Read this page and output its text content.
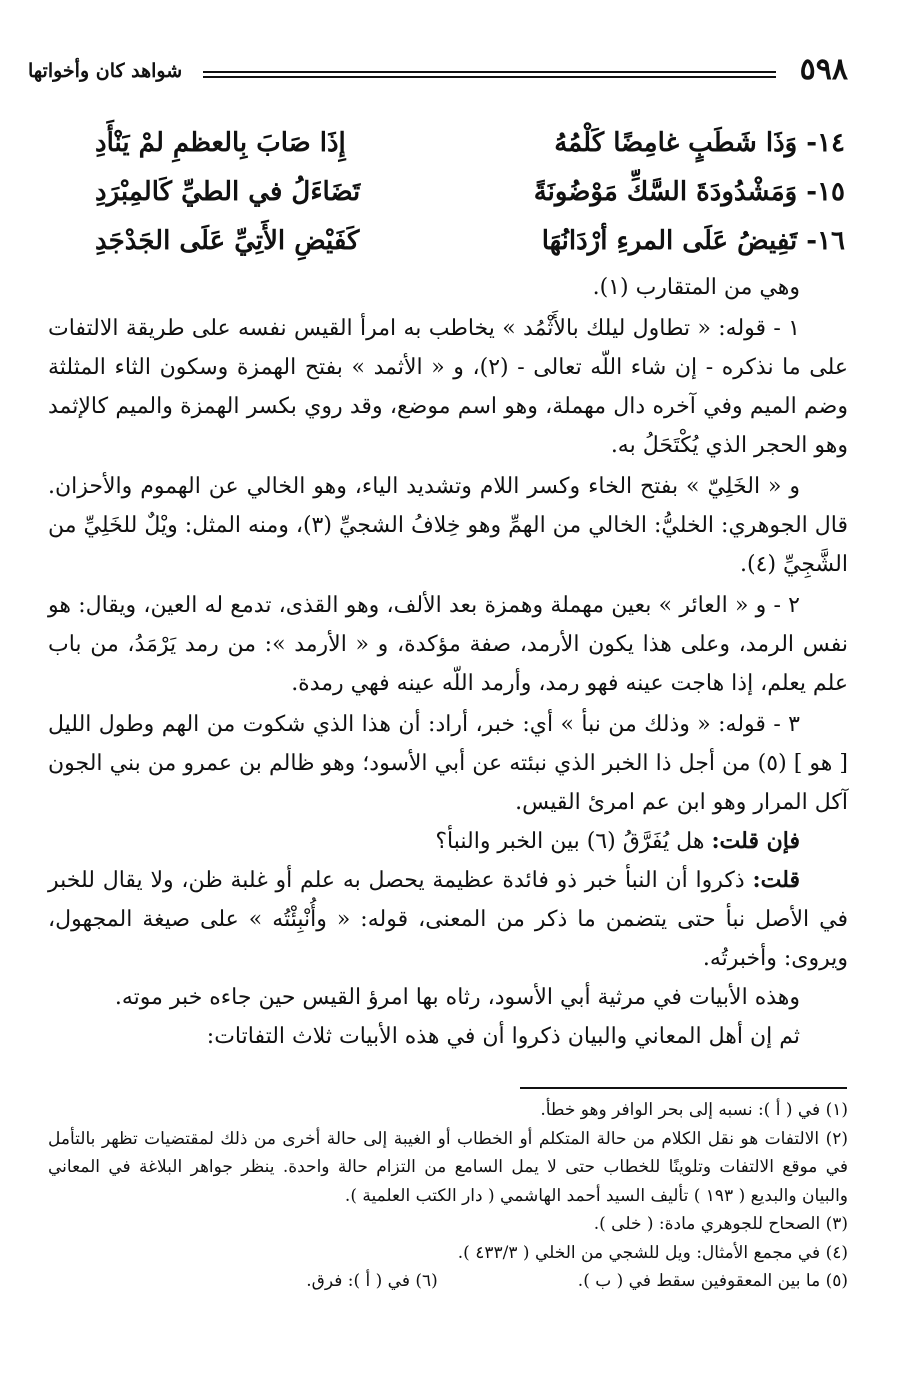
٥٩٨
شواهد كان وأخواتها
١٤- وَذَا شَطَبٍ غامِضًا كَلْمُهُ
إِذَا صَابَ بِالعظمِ لمْ يَنْأَدِ
١٥- وَمَشْدُودَةَ السَّكِّ مَوْضُونَةً
تَضَاءَلُ في الطيِّ كَالمِبْرَدِ
١٦- تَفِيضُ عَلَى المرءِ أرْدَانُهَا
كَفَيْضِ الأَتِيِّ عَلَى الجَدْجَدِ

وهي من المتقارب (١).

١ - قوله: « تطاول ليلك بالأَثْمُد » يخاطب به امرأ القيس نفسه على طريقة الالتفات على ما نذكره - إن شاء اللّه تعالى - (٢)، و « الأثمد » بفتح الهمزة وسكون الثاء المثلثة وضم الميم وفي آخره دال مهملة، وهو اسم موضع، وقد روي بكسر الهمزة والميم كالإثمد وهو الحجر الذي يُكْتَحَلُ به.

و « الخَلِيّ » بفتح الخاء وكسر اللام وتشديد الياء، وهو الخالي عن الهموم والأحزان. قال الجوهري: الخليُّ: الخالي من الهمِّ وهو خِلافُ الشجيِّ (٣)، ومنه المثل: ويْلٌ للخَلِيِّ من الشَّجِيِّ (٤).

٢ - و « العائر » بعين مهملة وهمزة بعد الألف، وهو القذى، تدمع له العين، ويقال: هو نفس الرمد، وعلى هذا يكون الأرمد، صفة مؤكدة، و « الأرمد »: من رمد يَرْمَدُ، من باب علم يعلم، إذا هاجت عينه فهو رمد، وأرمد اللّه عينه فهي رمدة.

٣ - قوله: « وذلك من نبأ » أي: خبر، أراد: أن هذا الذي شكوت من الهم وطول الليل [ هو ] (٥) من أجل ذا الخبر الذي نبئته عن أبي الأسود؛ وهو ظالم بن عمرو من بني الجون آكل المرار وهو ابن عم امرئ القيس.

فإن قلت: هل يُفَرَّقُ (٦) بين الخبر والنبأ؟

قلت: ذكروا أن النبأ خبر ذو فائدة عظيمة يحصل به علم أو غلبة ظن، ولا يقال للخبر في الأصل نبأ حتى يتضمن ما ذكر من المعنى، قوله: « وأُنْبِئْتُه » على صيغة المجهول، ويروى: وأخبرتُه.

وهذه الأبيات في مرثية أبي الأسود، رثاه بها امرؤ القيس حين جاءه خبر موته.

ثم إن أهل المعاني والبيان ذكروا أن في هذه الأبيات ثلاث التفاتات:

(١) في ( أ ): نسبه إلى بحر الوافر وهو خطأ.

(٢) الالتفات هو نقل الكلام من حالة المتكلم أو الخطاب أو الغيبة إلى حالة أخرى من ذلك لمقتضيات تظهر بالتأمل في موقع الالتفات وتلوينًا للخطاب حتى لا يمل السامع من التزام حالة واحدة. ينظر جواهر البلاغة في المعاني والبيان والبديع ( ١٩٣ ) تأليف السيد أحمد الهاشمي ( دار الكتب العلمية ).

(٣) الصحاح للجوهري مادة: ( خلى ).

(٤) في مجمع الأمثال: ويل للشجي من الخلي ( ٤٣٣/٣ ).

(٥) ما بين المعقوفين سقط في ( ب ).
(٦) في ( أ ): فرق.
